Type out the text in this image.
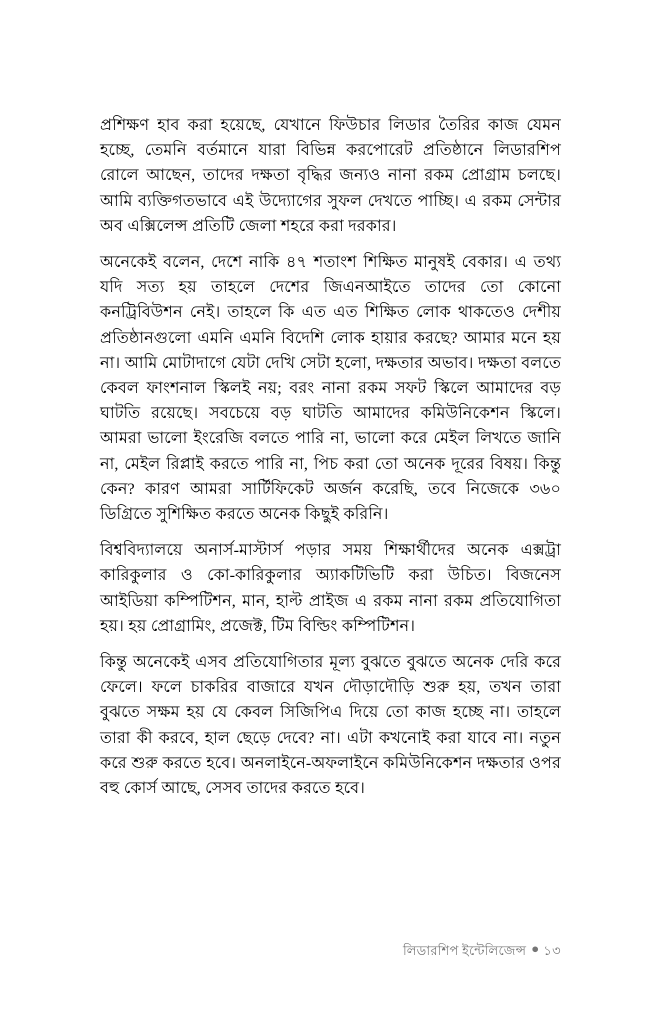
প্রশিক্ষণ হাব করা হয়েছে, যেখানে ফিউচার লিডার তৈরির কাজ যেমন হচ্ছে, তেমনি বর্তমানে যারা বিভিন্ন করপোরেট প্রতিষ্ঠানে লিডারশিপ রোলে আছেন, তাদের দক্ষতা বৃদ্ধির জন্যও নানা রকম প্রোগ্রাম চলছে। আমি ব্যক্তিগতভাবে এই উদ্যোগের সুফল দেখতে পাচ্ছি। এ রকম সেন্টার অব এক্সিলেন্স প্রতিটি জেলা শহরে করা দরকার।

অনেকেই বলেন, দেশে নাকি ৪৭ শতাংশ শিক্ষিত মানুষই বেকার। এ তথ্য যদি সত্য হয় তাহলে দেশের জিএনআইতে তাদের তো কোনো কনট্রিবিউশন নেই। তাহলে কি এত এত শিক্ষিত লোক থাকতেও দেশীয় প্রতিষ্ঠানগুলো এমনি এমনি বিদেশি লোক হায়ার করছে? আমার মনে হয় না। আমি মোটাদাগে যেটা দেখি সেটা হলো, দক্ষতার অভাব। দক্ষতা বলতে কেবল ফাংশনাল স্কিলই নয়; বরং নানা রকম সফট স্কিলে আমাদের বড় ঘাটতি রয়েছে। সবচেয়ে বড় ঘাটতি আমাদের কমিউনিকেশন স্কিলে। আমরা ভালো ইংরেজি বলতে পারি না, ভালো করে মেইল লিখতে জানি না, মেইল রিপ্লাই করতে পারি না, পিচ করা তো অনেক দূরের বিষয়। কিন্তু কেন? কারণ আমরা সার্টিফিকেট অর্জন করেছি, তবে নিজেকে ৩৬০ ডিগ্রিতে সুশিক্ষিত করতে অনেক কিছুই করিনি।

বিশ্ববিদ্যালয়ে অনার্স-মাস্টার্স পড়ার সময় শিক্ষার্থীদের অনেক এক্সট্রা কারিকুলার ও কো-কারিকুলার অ্যাকটিভিটি করা উচিত। বিজনেস আইডিয়া কম্পিটিশন, মান, হাল্ট প্রাইজ এ রকম নানা রকম প্রতিযোগিতা হয়। হয় প্রোগ্রামিং, প্রজেক্ট, টিম বিল্ডিং কম্পিটিশন।

কিন্তু অনেকেই এসব প্রতিযোগিতার মূল্য বুঝতে বুঝতে অনেক দেরি করে ফেলে। ফলে চাকরির বাজারে যখন দৌড়াদৌড়ি শুরু হয়, তখন তারা বুঝতে সক্ষম হয় যে কেবল সিজিপিএ দিয়ে তো কাজ হচ্ছে না। তাহলে তারা কী করবে, হাল ছেড়ে দেবে? না। এটা কখনোই করা যাবে না। নতুন করে শুরু করতে হবে। অনলাইনে-অফলাইনে কমিউনিকেশন দক্ষতার ওপর বহু কোর্স আছে, সেসব তাদের করতে হবে।

লিডারশিপ ইন্টেলিজেন্স ● ১৩
